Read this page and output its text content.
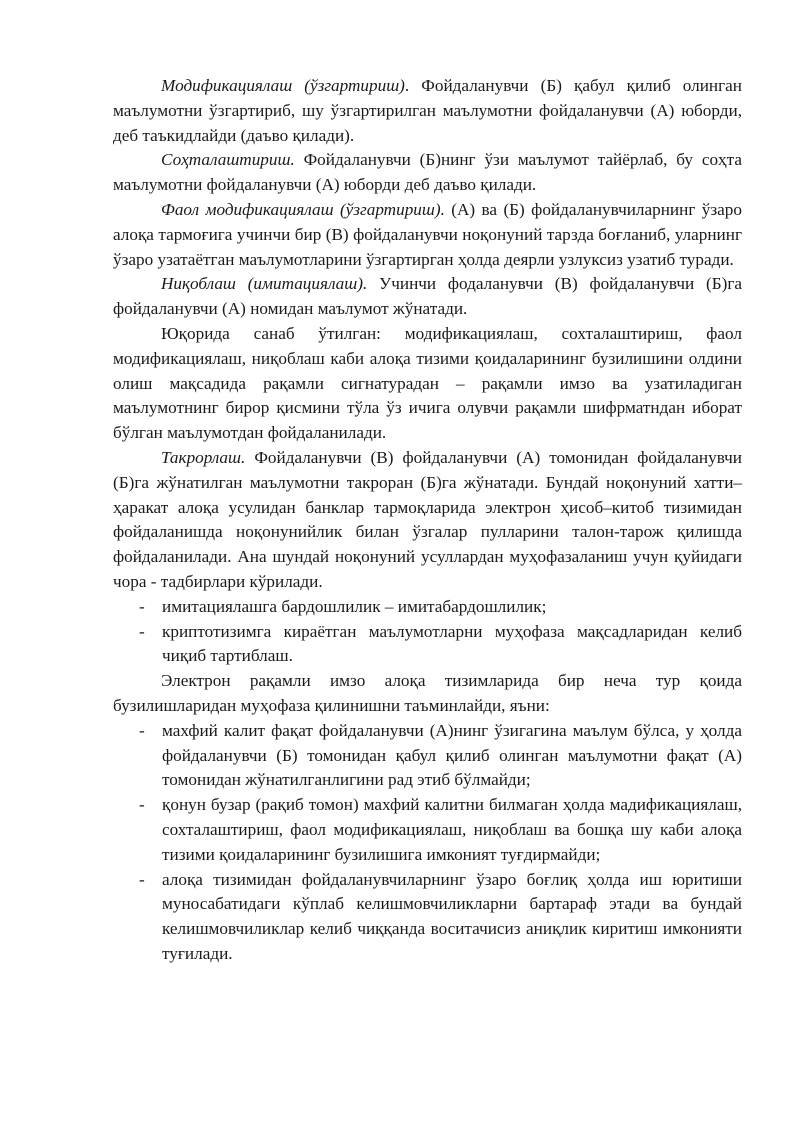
Модификациялаш (ўзгартириш). Фойдаланувчи (Б) қабул қилиб олинган маълумотни ўзгартириб, шу ўзгартирилган маълумотни фойдаланувчи (А) юборди, деб таъкидлайди (даъво қилади).

Соҳталаштириш. Фойдаланувчи (Б)нинг ўзи маълумот тайёрлаб, бу соҳта маълумотни фойдаланувчи (А) юборди деб даъво қилади.

Фаол модификациялаш (ўзгартириш). (А) ва (Б) фойдаланувчиларнинг ўзаро алоқа тармоғига учинчи бир (В) фойдаланувчи ноқонуний тарзда боғланиб, уларнинг ўзаро узатаётган маълумотларини ўзгартирган ҳолда деярли узлуксиз узатиб туради.

Ниқоблаш (имитациялаш). Учинчи фодаланувчи (В) фойдаланувчи (Б)га фойдаланувчи (А) номидан маълумот жўнатади.

Юқорида санаб ўтилган: модификациялаш, сохталаштириш, фаол модификациялаш, ниқоблаш каби алоқа тизими қоидаларининг бузилишини олдини олиш мақсадида рақамли сигнатурадан – рақамли имзо ва узатиладиган маълумотнинг бирор қисмини тўла ўз ичига олувчи рақамли шифрматндан иборат бўлган маълумотдан фойдаланилади.

Такрорлаш. Фойдаланувчи (В) фойдаланувчи (А) томонидан фойдаланувчи (Б)га жўнатилган маълумотни такроран (Б)га жўнатади. Бундай ноқонуний хатти–ҳаракат алоқа усулидан банклар тармоқларида электрон ҳисоб–китоб тизимидан фойдаланишда ноқонунийлик билан ўзгалар пулларини талон-тарож қилишда фойдаланилади. Ана шундай ноқонуний усуллардан муҳофазаланиш учун қуйидаги чора - тадбирлари кўрилади.

- имитациялашга бардошлилик – имитабардошлилик;
- криптотизимга кираётган маълумотларни муҳофаза мақсадларидан келиб чиқиб тартиблаш.

Электрон рақамли имзо алоқа тизимларида бир неча тур қоида бузилишларидан муҳофаза қилинишни таъминлайди, яъни:

- махфий калит фақат фойдаланувчи (А)нинг ўзигагина маълум бўлса, у ҳолда фойдаланувчи (Б) томонидан қабул қилиб олинган маълумотни фақат (А) томонидан жўнатилганлигини рад этиб бўлмайди;
- қонун бузар (рақиб томон) махфий калитни билмаган ҳолда мадификациялаш, сохталаштириш, фаол модификациялаш, ниқоблаш ва бошқа шу каби алоқа тизими қоидаларининг бузилишига имконият туғдирмайди;
- алоқа тизимидан фойдаланувчиларнинг ўзаро боғлиқ ҳолда иш юритиши муносабатидаги кўплаб келишмовчиликларни бартараф этади ва бундай келишмовчиликлар келиб чиққанда воситачисиз аниқлик киритиш имконияти туғилади.
